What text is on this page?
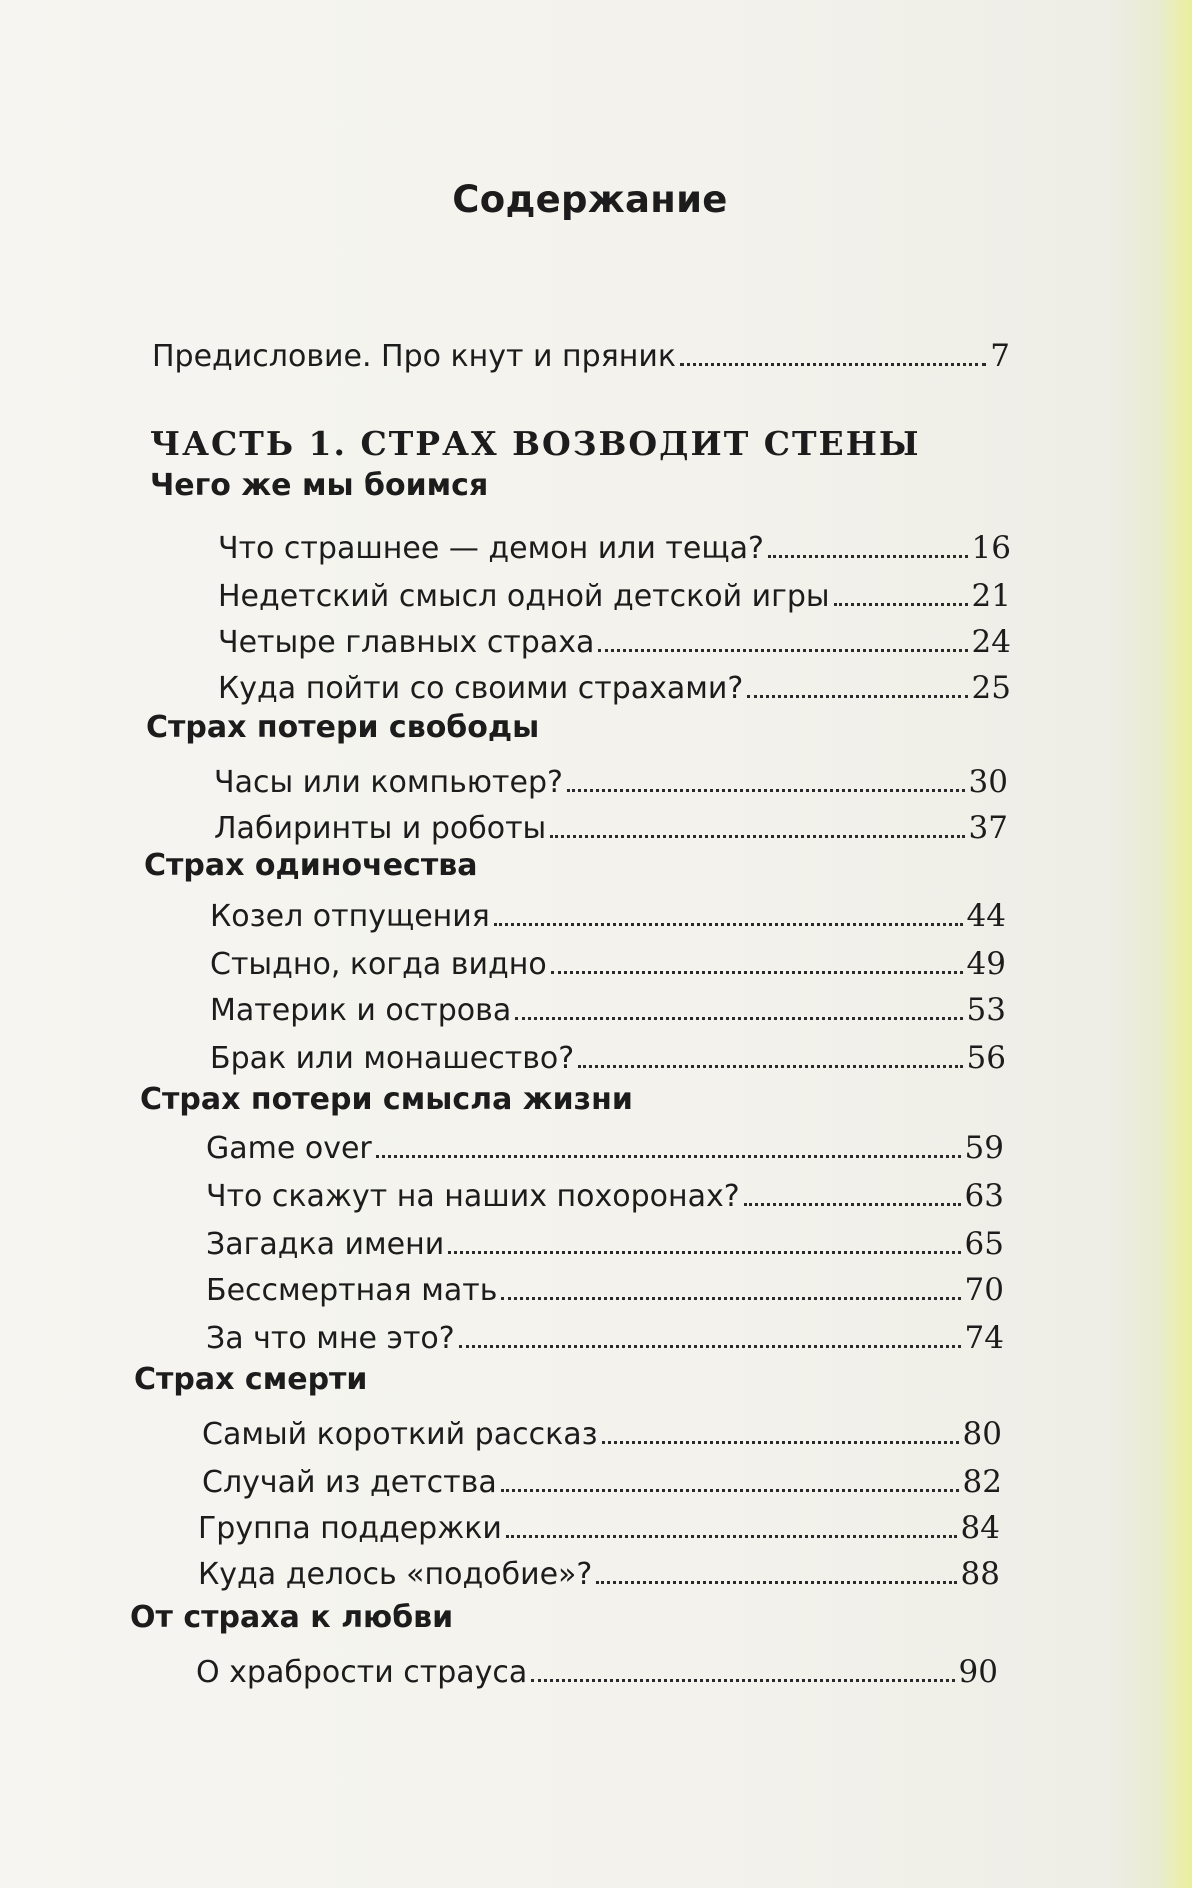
Содержание
Предисловие. Про кнут и пряник	7
ЧАСТЬ 1. СТРАХ ВОЗВОДИТ СТЕНЫ
Чего же мы боимся
Что страшнее — демон или теща?	16
Недетский смысл одной детской игры	21
Четыре главных страха	24
Куда пойти со своими страхами?	25
Страх потери свободы
Часы или компьютер?	30
Лабиринты и роботы	37
Страх одиночества
Козел отпущения	44
Стыдно, когда видно	49
Материк и острова	53
Брак или монашество?	56
Страх потери смысла жизни
Game over	59
Что скажут на наших похоронах?	63
Загадка имени	65
Бессмертная мать	70
За что мне это?	74
Страх смерти
Самый короткий рассказ	80
Случай из детства	82
Группа поддержки	84
Куда делось «подобие»?	88
От страха к любви
О храбрости страуса	90
